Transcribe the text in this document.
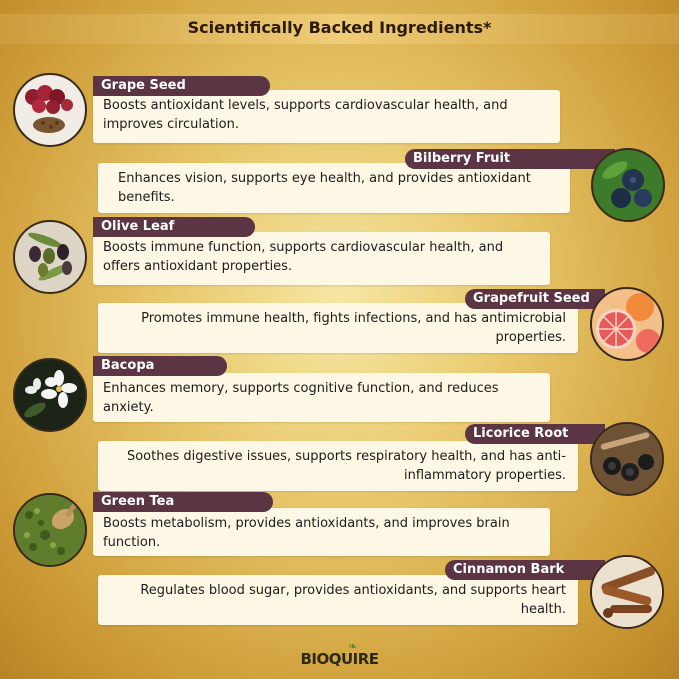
Scientifically Backed Ingredients*
Boosts antioxidant levels, supports cardiovascular health, and improves circulation.
Grape Seed
Enhances vision, supports eye health, and provides antioxidant benefits.
Bilberry Fruit
Boosts immune function, supports cardiovascular health, and offers antioxidant properties.
Olive Leaf
Promotes immune health, fights infections, and has antimicrobial properties.
Grapefruit Seed
Enhances memory, supports cognitive function, and reduces anxiety.
Bacopa
Soothes digestive issues, supports respiratory health, and has anti-inflammatory properties.
Licorice Root
Boosts metabolism, provides antioxidants, and improves brain function.
Green Tea
Regulates blood sugar, provides antioxidants, and supports heart health.
Cinnamon Bark
❧
BIOQUIRE
